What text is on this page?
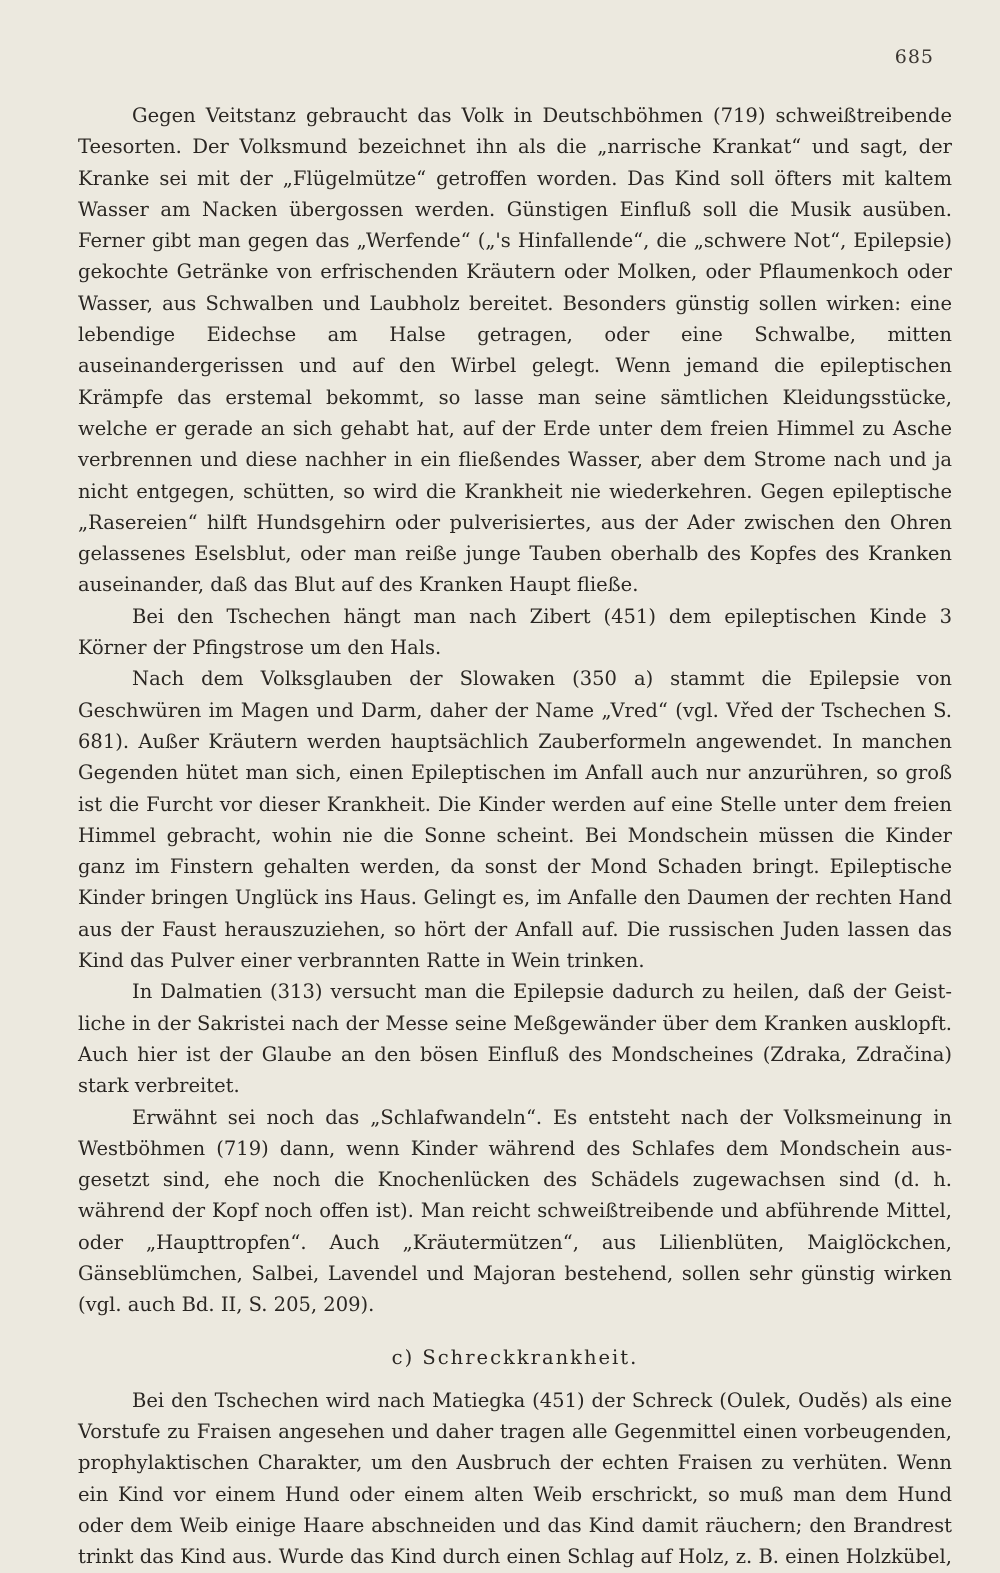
685

Gegen Veitstanz gebraucht das Volk in Deutschböhmen (719) schweißtreibende Teesorten. Der Volksmund bezeichnet ihn als die „narrische Krankat“ und sagt, der Kranke sei mit der „Flügelmütze“ getroffen worden. Das Kind soll öfters mit kaltem Wasser am Nacken übergossen werden. Günstigen Einfluß soll die Musik ausüben. Ferner gibt man gegen das „Werfende“ („'s Hinfallende“, die „schwere Not“, Epilepsie) gekochte Getränke von erfrischenden Kräutern oder Molken, oder Pflaumenkoch oder Wasser, aus Schwalben und Laubholz bereitet. Besonders günstig sollen wirken: eine lebendige Eidechse am Halse getragen, oder eine Schwalbe, mitten auseinandergerissen und auf den Wirbel gelegt. Wenn jemand die epileptischen Krämpfe das erstemal bekommt, so lasse man seine sämtlichen Kleidungsstücke, welche er gerade an sich gehabt hat, auf der Erde unter dem freien Himmel zu Asche verbrennen und diese nachher in ein fließendes Wasser, aber dem Strome nach und ja nicht entgegen, schütten, so wird die Krankheit nie wiederkehren. Gegen epileptische „Rasereien“ hilft Hundsgehirn oder pulverisiertes, aus der Ader zwischen den Ohren gelassenes Eselsblut, oder man reiße junge Tauben oberhalb des Kopfes des Kranken auseinander, daß das Blut auf des Kranken Haupt fließe.

Bei den Tschechen hängt man nach Zibert (451) dem epileptischen Kinde 3 Körner der Pfingstrose um den Hals.

Nach dem Volksglauben der Slowaken (350 a) stammt die Epilepsie von Geschwüren im Magen und Darm, daher der Name „Vred“ (vgl. Vřed der Tschechen S. 681). Außer Kräutern werden hauptsächlich Zauberformeln angewendet. In manchen Gegenden hütet man sich, einen Epileptischen im Anfall auch nur anzurühren, so groß ist die Furcht vor dieser Krankheit. Die Kinder werden auf eine Stelle unter dem freien Himmel gebracht, wohin nie die Sonne scheint. Bei Mondschein müssen die Kinder ganz im Finstern gehalten werden, da sonst der Mond Schaden bringt. Epileptische Kinder bringen Unglück ins Haus. Gelingt es, im Anfalle den Daumen der rechten Hand aus der Faust herauszuziehen, so hört der Anfall auf. Die russischen Juden lassen das Kind das Pulver einer verbrannten Ratte in Wein trinken.

In Dalmatien (313) versucht man die Epilepsie dadurch zu heilen, daß der Geistliche in der Sakristei nach der Messe seine Meßgewänder über dem Kranken ausklopft. Auch hier ist der Glaube an den bösen Einfluß des Mondscheines (Zdraka, Zdračina) stark verbreitet.

Erwähnt sei noch das „Schlafwandeln“. Es entsteht nach der Volksmeinung in Westböhmen (719) dann, wenn Kinder während des Schlafes dem Mondschein ausgesetzt sind, ehe noch die Knochenlücken des Schädels zugewachsen sind (d. h. während der Kopf noch offen ist). Man reicht schweißtreibende und abführende Mittel, oder „Haupttropfen“. Auch „Kräutermützen“, aus Lilienblüten, Maiglöckchen, Gänseblümchen, Salbei, Lavendel und Majoran bestehend, sollen sehr günstig wirken (vgl. auch Bd. II, S. 205, 209).

c) Schreckkrankheit.

Bei den Tschechen wird nach Matiegka (451) der Schreck (Oulek, Oudĕs) als eine Vorstufe zu Fraisen angesehen und daher tragen alle Gegenmittel einen vorbeugenden, prophylaktischen Charakter, um den Ausbruch der echten Fraisen zu verhüten. Wenn ein Kind vor einem Hund oder einem alten Weib erschrickt, so muß man dem Hund oder dem Weib einige Haare abschneiden und das Kind damit räuchern; den Brandrest trinkt das Kind aus. Wurde das Kind durch einen Schlag auf Holz, z. B. einen Holzkübel,
